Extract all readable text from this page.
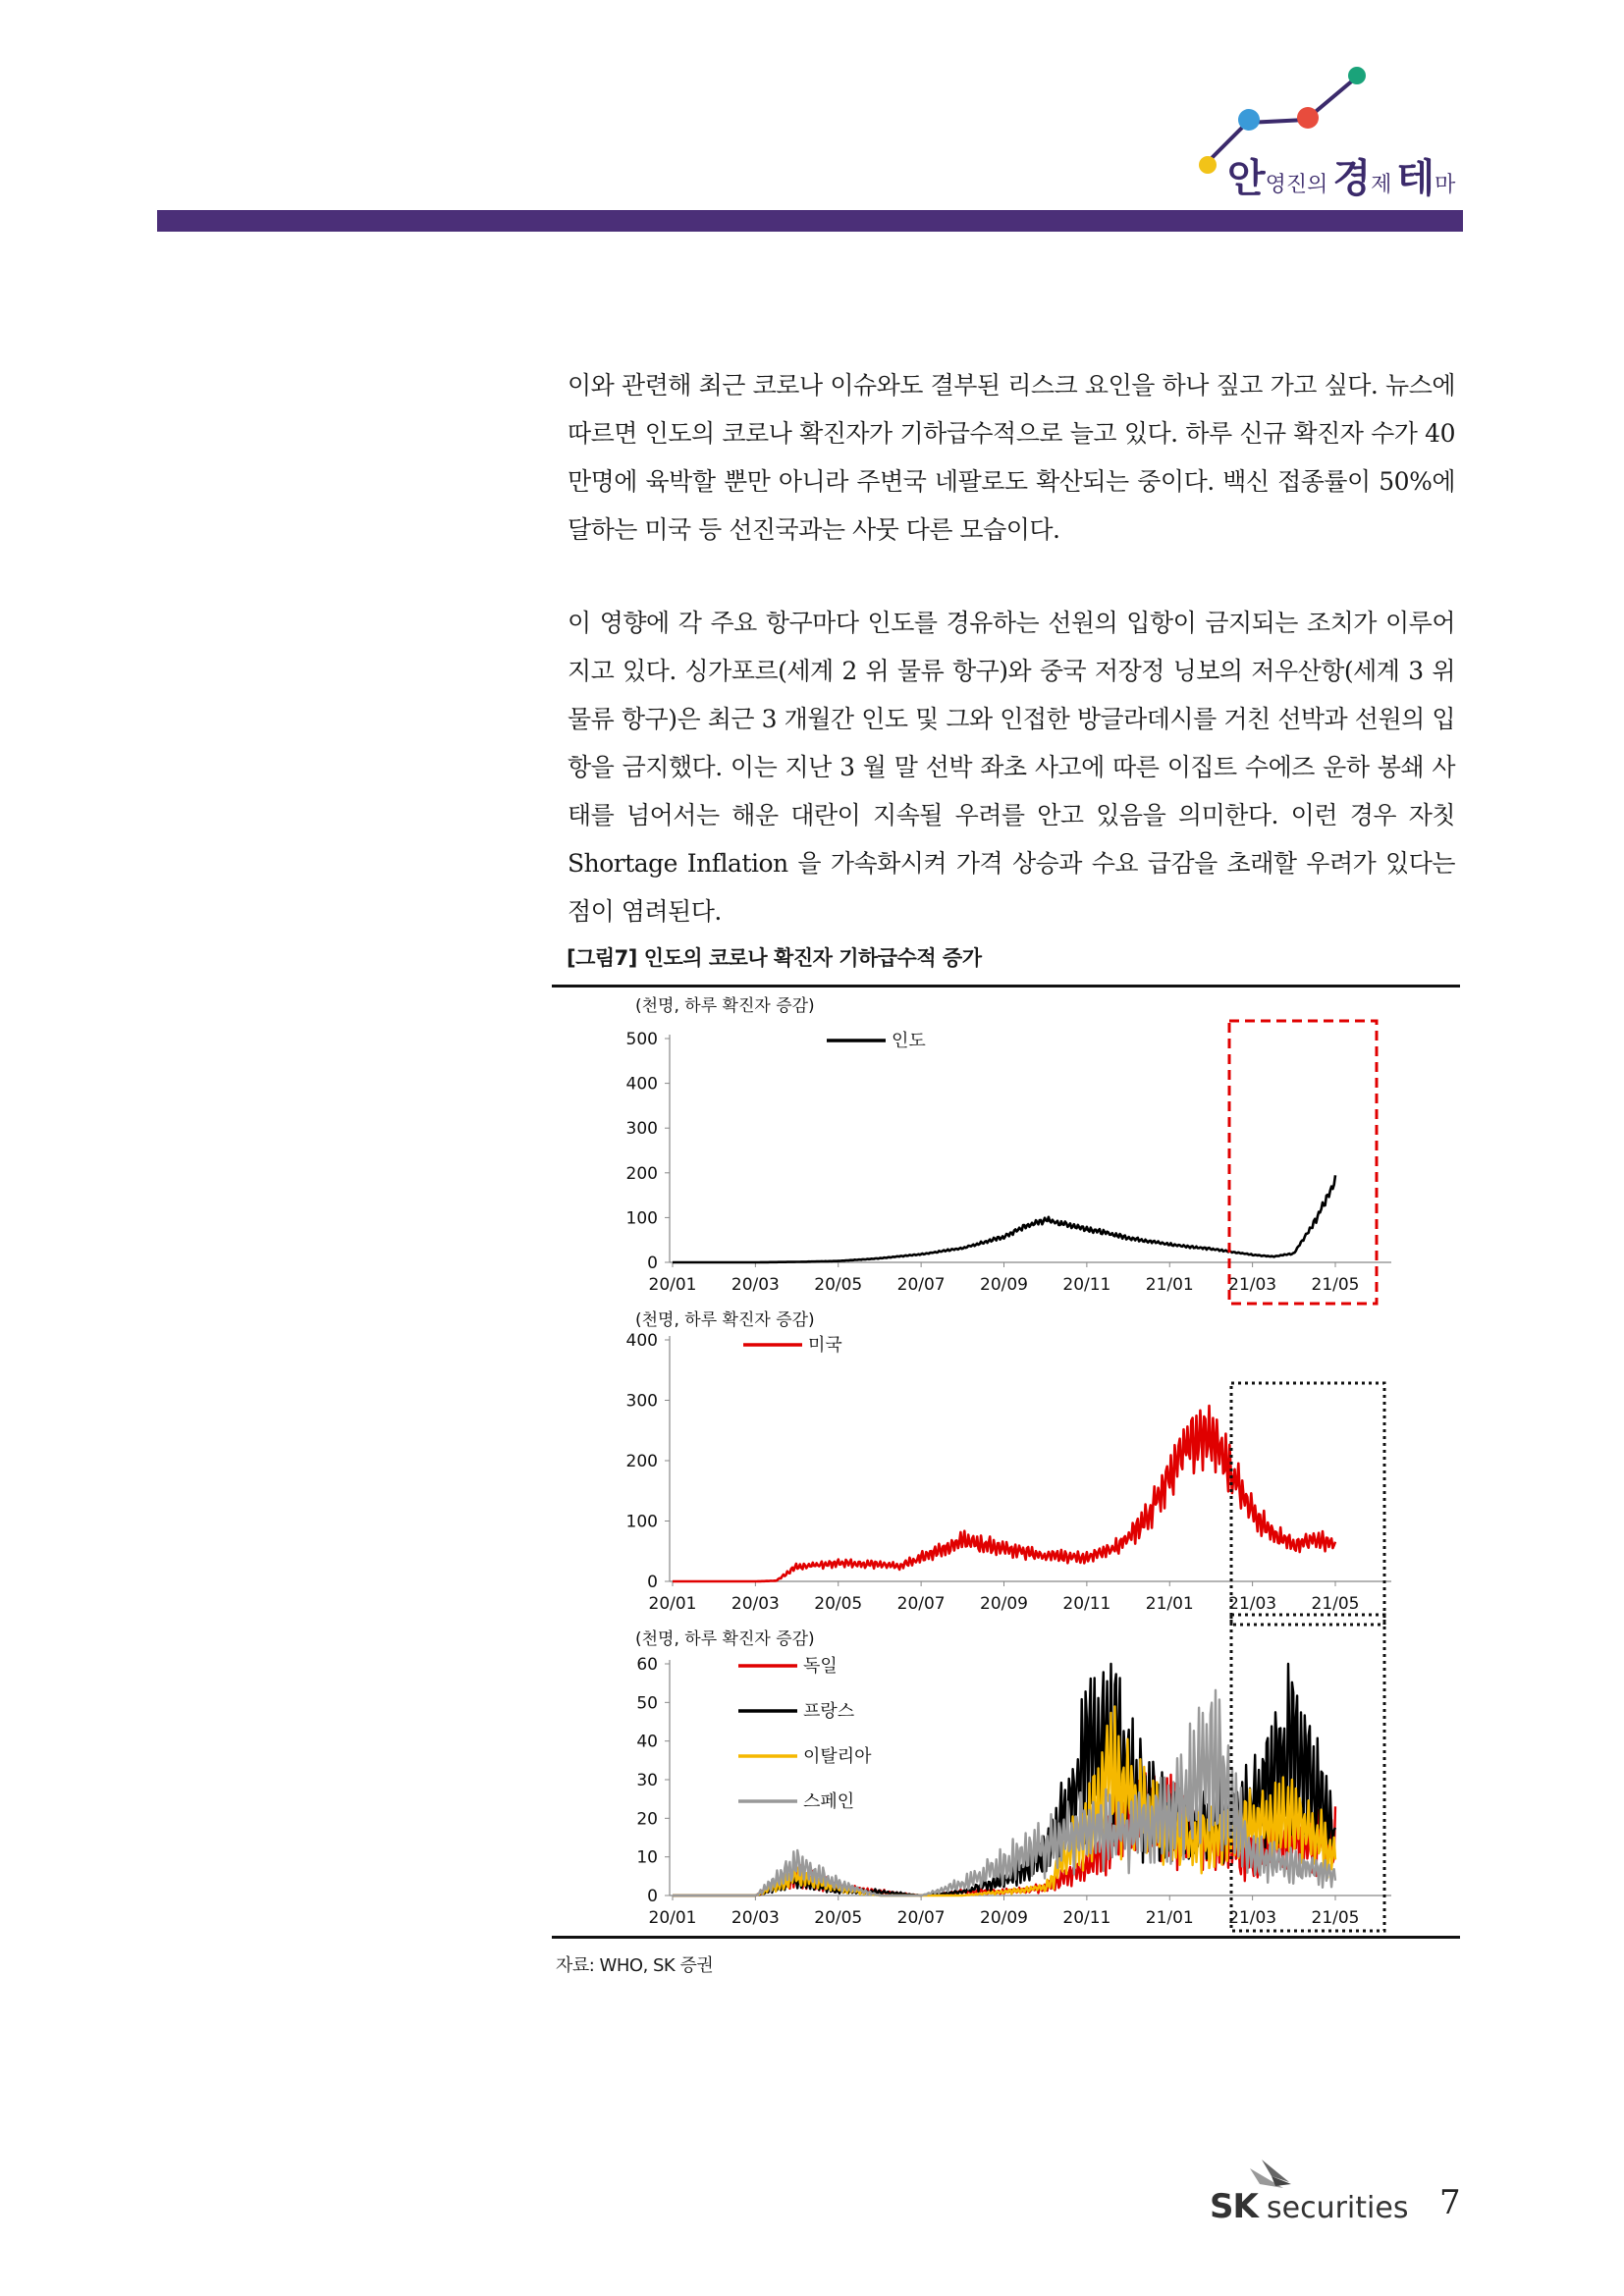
안영진의 경제 테마
이와 관련해 최근 코로나 이슈와도 결부된 리스크 요인을 하나 짚고 가고 싶다. 뉴스에 따르면 인도의 코로나 확진자가 기하급수적으로 늘고 있다. 하루 신규 확진자 수가 40 만명에 육박할 뿐만 아니라 주변국 네팔로도 확산되는 중이다. 백신 접종률이 50%에 달하는 미국 등 선진국과는 사뭇 다른 모습이다.
이 영향에 각 주요 항구마다 인도를 경유하는 선원의 입항이 금지되는 조치가 이루어지고 있다. 싱가포르(세계 2 위 물류 항구)와 중국 저장정 닝보의 저우산항(세계 3 위 물류 항구)은 최근 3 개월간 인도 및 그와 인접한 방글라데시를 거친 선박과 선원의 입항을 금지했다. 이는 지난 3 월 말 선박 좌초 사고에 따른 이집트 수에즈 운하 봉쇄 사태를 넘어서는 해운 대란이 지속될 우려를 안고 있음을 의미한다. 이런 경우 자칫 Shortage Inflation 을 가속화시켜 가격 상승과 수요 급감을 초래할 우려가 있다는 점이 염려된다.
[그림7] 인도의 코로나 확진자 기하급수적 증가
(천명, 하루 확진자 증감)
0
100
200
300
400
500
20/01 20/03 20/05 20/07 20/09 20/11 21/01 21/03 21/05
인도
(천명, 하루 확진자 증감)
0
100
200
300
400
20/01 20/03 20/05 20/07 20/09 20/11 21/01 21/03 21/05
미국
(천명, 하루 확진자 증감)
0
10
20
30
40
50
60
20/01 20/03 20/05 20/07 20/09 20/11 21/01 21/03 21/05
독일
프랑스
이탈리아
스페인
자료: WHO, SK 증권
SK securities 7
